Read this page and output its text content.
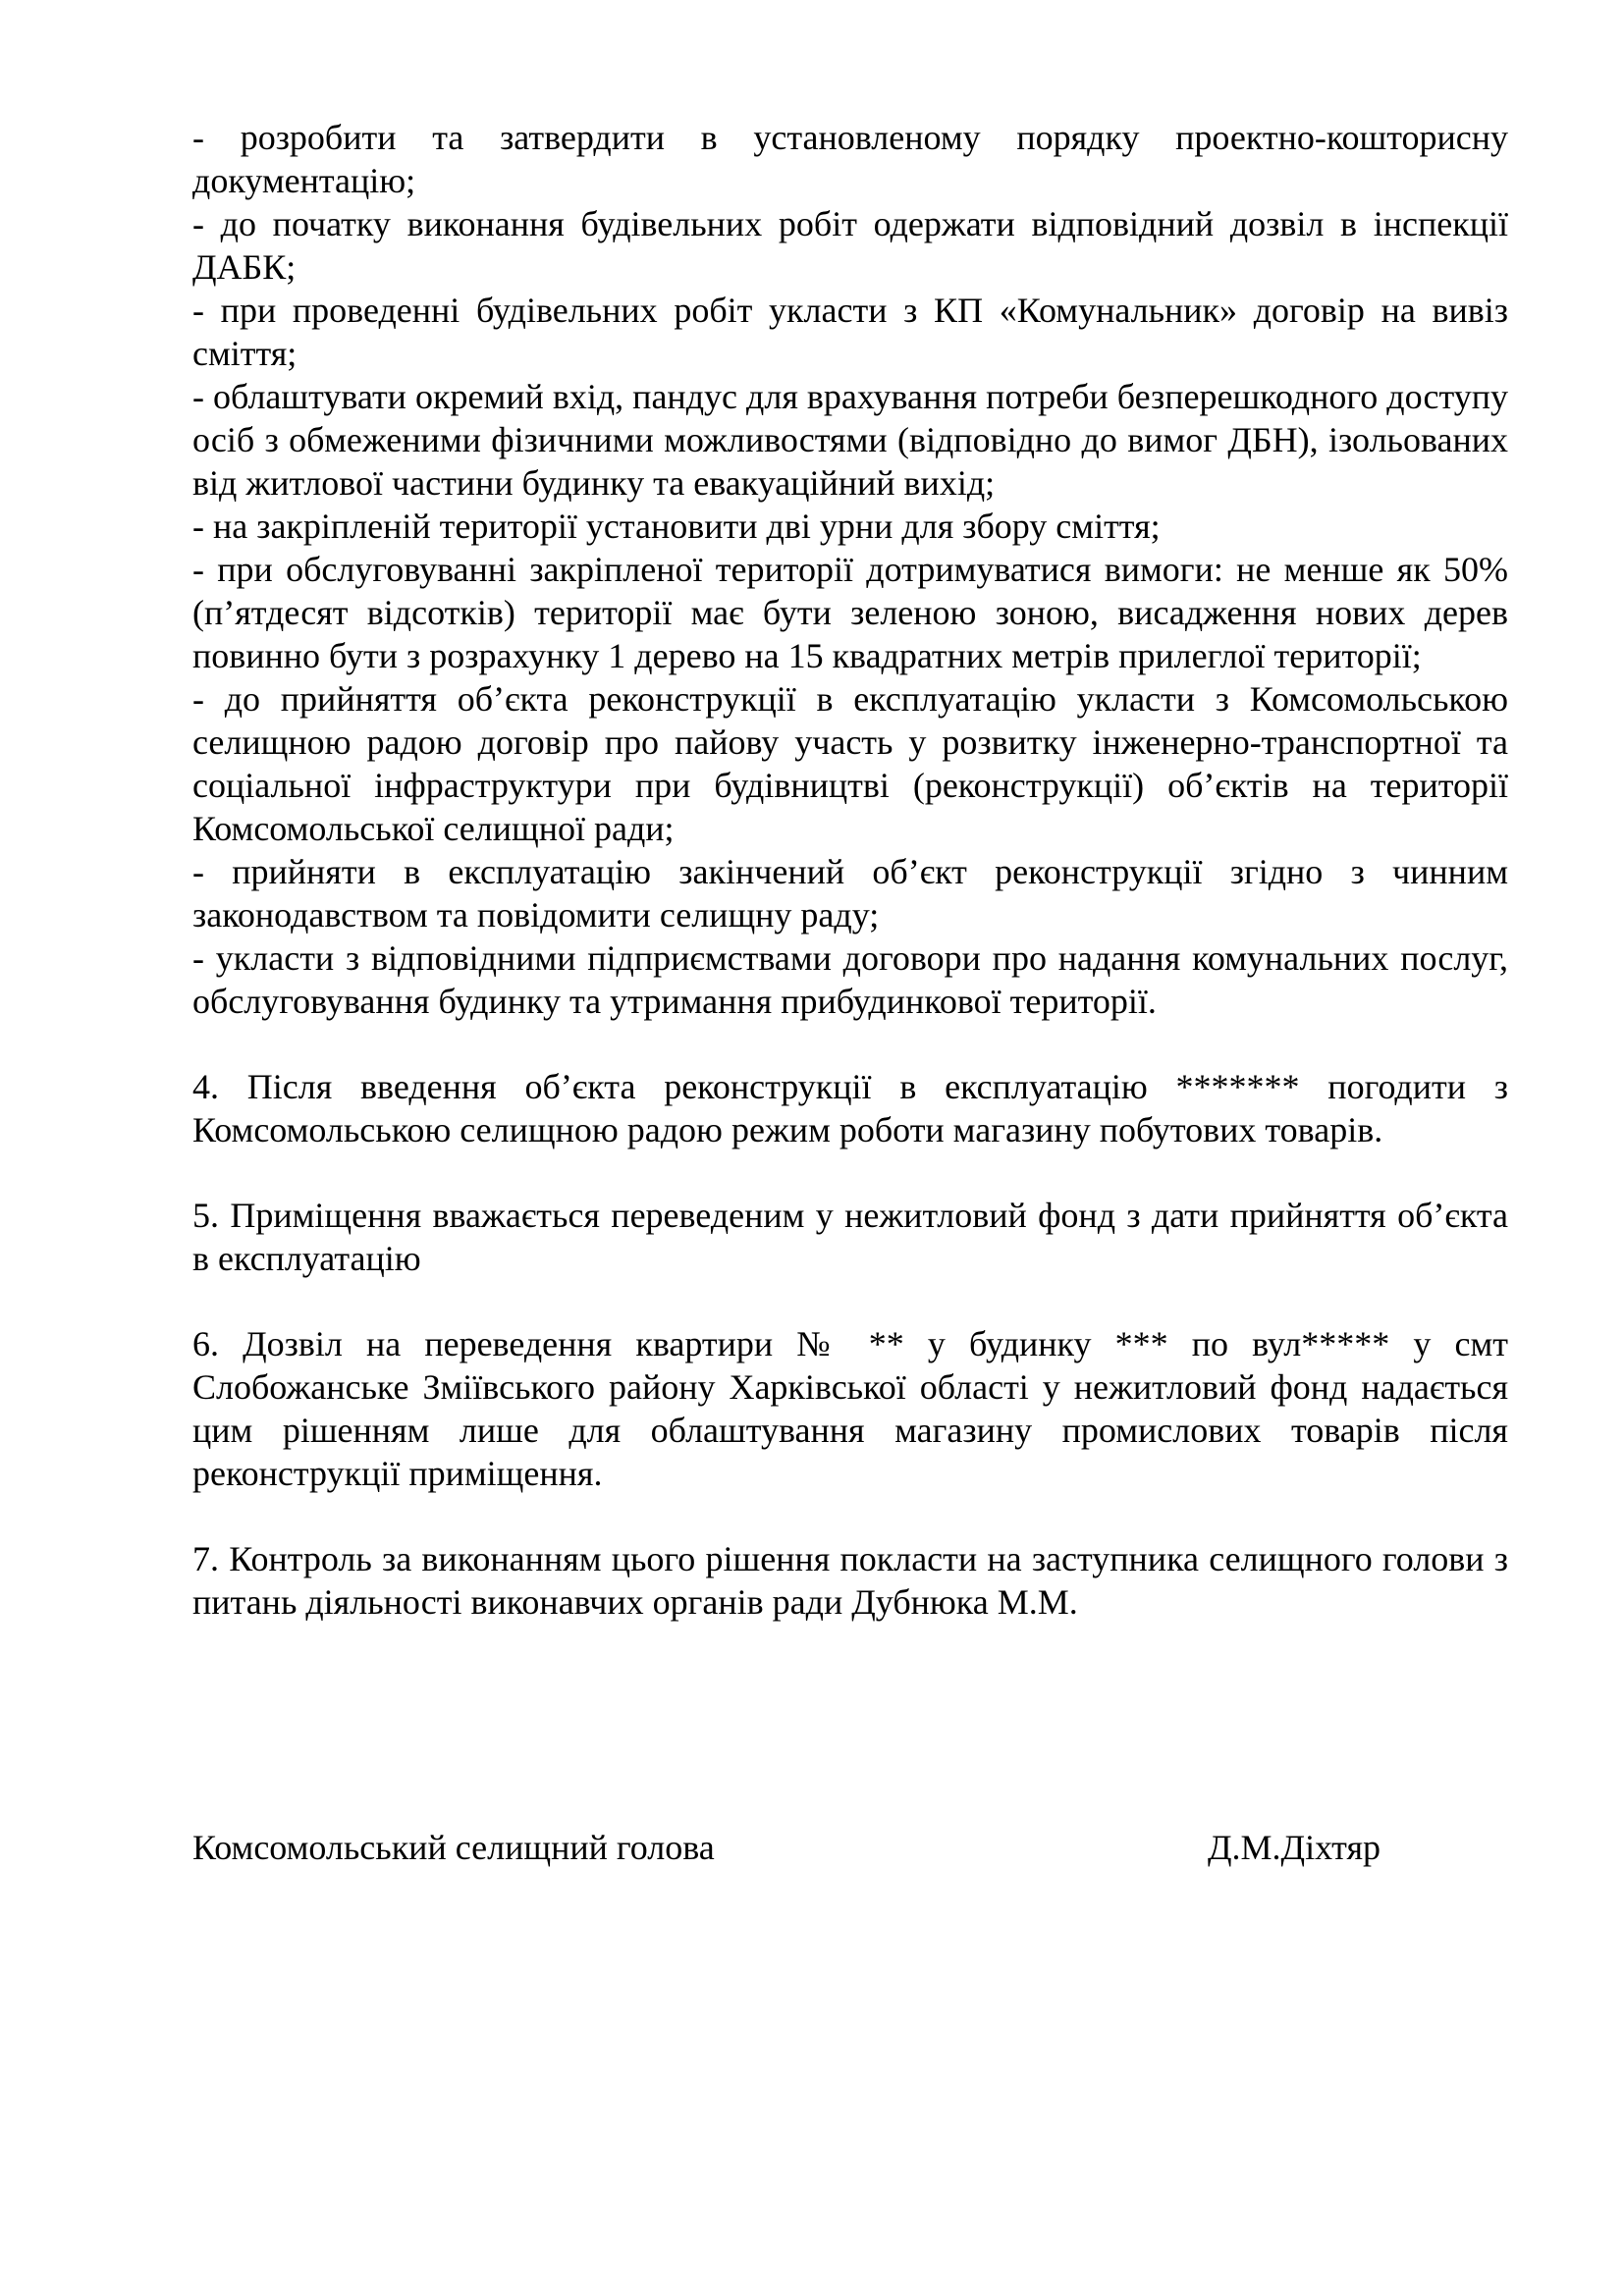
- розробити та затвердити в установленому порядку проектно-кошторисну документацію;
- до початку виконання будівельних робіт одержати відповідний дозвіл в інспекції ДАБК;
- при проведенні будівельних робіт укласти з КП «Комунальник» договір на вивіз сміття;
- облаштувати окремий вхід, пандус для врахування потреби безперешкодного доступу осіб з обмеженими фізичними можливостями (відповідно до вимог ДБН), ізольованих від житлової частини будинку та евакуаційний вихід;
- на закріпленій території установити дві урни для збору сміття;
- при обслуговуванні закріпленої території дотримуватися вимоги: не менше як 50% (п’ятдесят відсотків) території має бути зеленою зоною, висадження нових дерев повинно бути з розрахунку 1 дерево на 15 квадратних метрів прилеглої території;
- до прийняття об’єкта реконструкції в експлуатацію укласти з Комсомольською селищною радою договір про пайову участь у розвитку інженерно-транспортної та соціальної інфраструктури при будівництві (реконструкції) об’єктів на території Комсомольської селищної ради;
- прийняти в експлуатацію закінчений об’єкт реконструкції згідно з чинним законодавством та повідомити селищну раду;
- укласти з відповідними підприємствами договори про надання комунальних послуг, обслуговування будинку та утримання прибудинкової території.
4. Після введення об’єкта реконструкції в експлуатацію ******* погодити з Комсомольською селищною радою режим роботи магазину побутових товарів.
5. Приміщення вважається переведеним у нежитловий фонд з дати прийняття об’єкта в експлуатацію
6. Дозвіл на переведення квартири № ** у будинку *** по вул***** у смт Слобожанське Зміївського району Харківської області у нежитловий фонд надається цим рішенням лише для облаштування магазину промислових товарів після реконструкції приміщення.
7. Контроль за виконанням цього рішення покласти на заступника селищного голови з питань діяльності виконавчих органів ради Дубнюка М.М.
Комсомольський селищний голова	Д.М.Діхтяр
